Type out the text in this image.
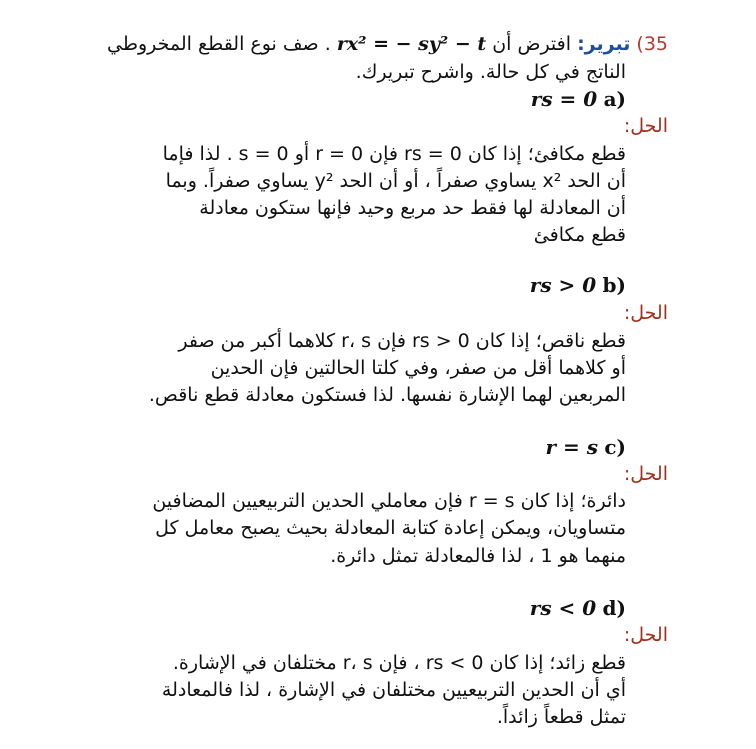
35) تبرير: افترض أن rx² = − sy² − t . صف نوع القطع المخروطي
الناتج في كل حالة. واشرح تبريرك.
(a rs = 0
الحل:
قطع مكافئ؛ إذا كان rs = 0 فإن r = 0 أو s = 0 . لذا فإما
أن الحد x² يساوي صفراً ، أو أن الحد y² يساوي صفراً. وبما
أن المعادلة لها فقط حد مربع وحيد فإنها ستكون معادلة
قطع مكافئ
(b rs > 0
الحل:
قطع ناقص؛ إذا كان rs > 0 فإن r، s كلاهما أكبر من صفر
أو كلاهما أقل من صفر، وفي كلتا الحالتين فإن الحدين
المربعين لهما الإشارة نفسها. لذا فستكون معادلة قطع ناقص.
(c r = s
الحل:
دائرة؛ إذا كان r = s فإن معاملي الحدين التربيعيين المضافين
متساويان، ويمكن إعادة كتابة المعادلة بحيث يصبح معامل كل
منهما هو 1 ، لذا فالمعادلة تمثل دائرة.
(d rs < 0
الحل:
قطع زائد؛ إذا كان rs < 0 ، فإن r، s مختلفان في الإشارة.
أي أن الحدين التربيعيين مختلفان في الإشارة ، لذا فالمعادلة
تمثل قطعاً زائداً.
